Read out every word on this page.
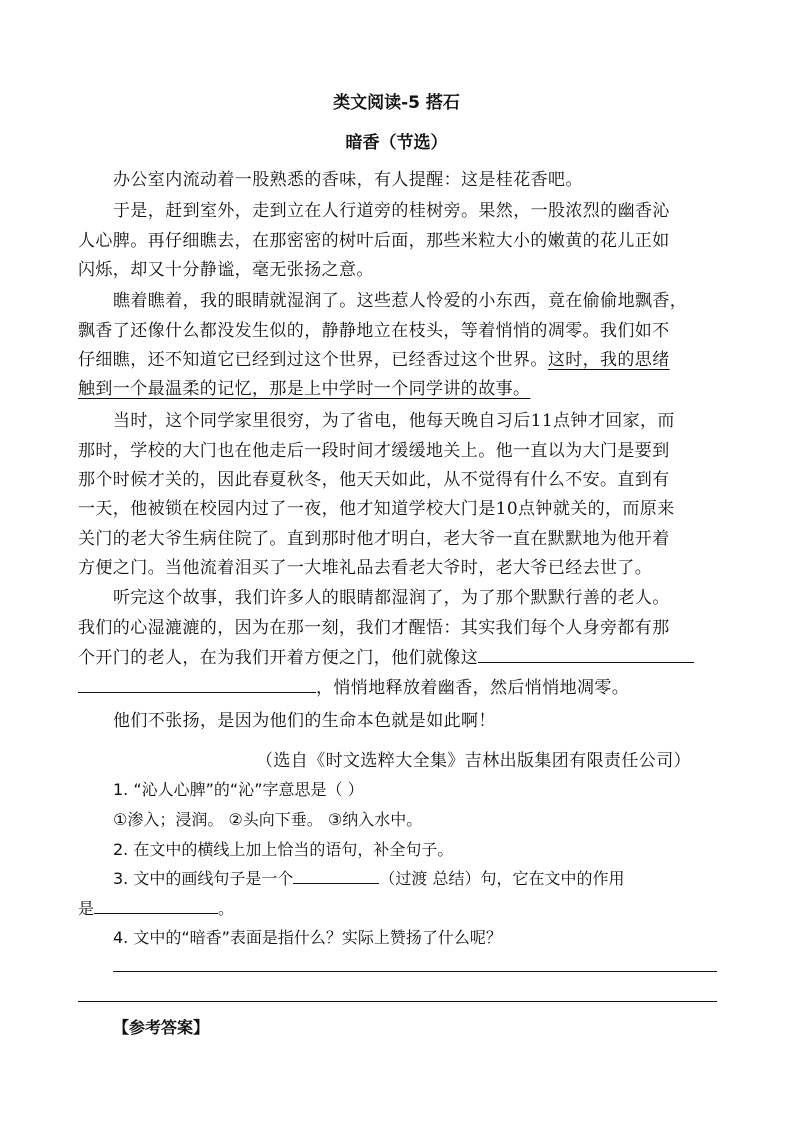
类文阅读-5 搭石
暗香（节选）
办公室内流动着一股熟悉的香味，有人提醒：这是桂花香吧。
于是，赶到室外，走到立在人行道旁的桂树旁。果然，一股浓烈的幽香沁
人心脾。再仔细瞧去，在那密密的树叶后面，那些米粒大小的嫩黄的花儿正如
闪烁，却又十分静谧，毫无张扬之意。
瞧着瞧着，我的眼睛就湿润了。这些惹人怜爱的小东西，竟在偷偷地飘香，
飘香了还像什么都没发生似的，静静地立在枝头，等着悄悄的凋零。我们如不
仔细瞧，还不知道它已经到过这个世界，已经香过这个世界。这时，我的思绪
触到一个最温柔的记忆，那是上中学时一个同学讲的故事。
当时，这个同学家里很穷，为了省电，他每天晚自习后11点钟才回家，而
那时，学校的大门也在他走后一段时间才缓缓地关上。他一直以为大门是要到
那个时候才关的，因此春夏秋冬，他天天如此，从不觉得有什么不安。直到有
一天，他被锁在校园内过了一夜，他才知道学校大门是10点钟就关的，而原来
关门的老大爷生病住院了。直到那时他才明白，老大爷一直在默默地为他开着
方便之门。当他流着泪买了一大堆礼品去看老大爷时，老大爷已经去世了。
听完这个故事，我们许多人的眼睛都湿润了，为了那个默默行善的老人。
我们的心湿漉漉的，因为在那一刻，我们才醒悟：其实我们每个人身旁都有那
个开门的老人，在为我们开着方便之门，他们就像这
，悄悄地释放着幽香，然后悄悄地凋零。
他们不张扬，是因为他们的生命本色就是如此啊！
（选自《时文选粹大全集》吉林出版集团有限责任公司）
1. “沁人心脾”的“沁”字意思是（ ）
①渗入；浸润。 ②头向下垂。 ③纳入水中。
2. 在文中的横线上加上恰当的语句，补全句子。
3. 文中的画线句子是一个	（过渡 总结）句，它在文中的作用
是	。
4. 文中的“暗香”表面是指什么？实际上赞扬了什么呢？
【参考答案】
